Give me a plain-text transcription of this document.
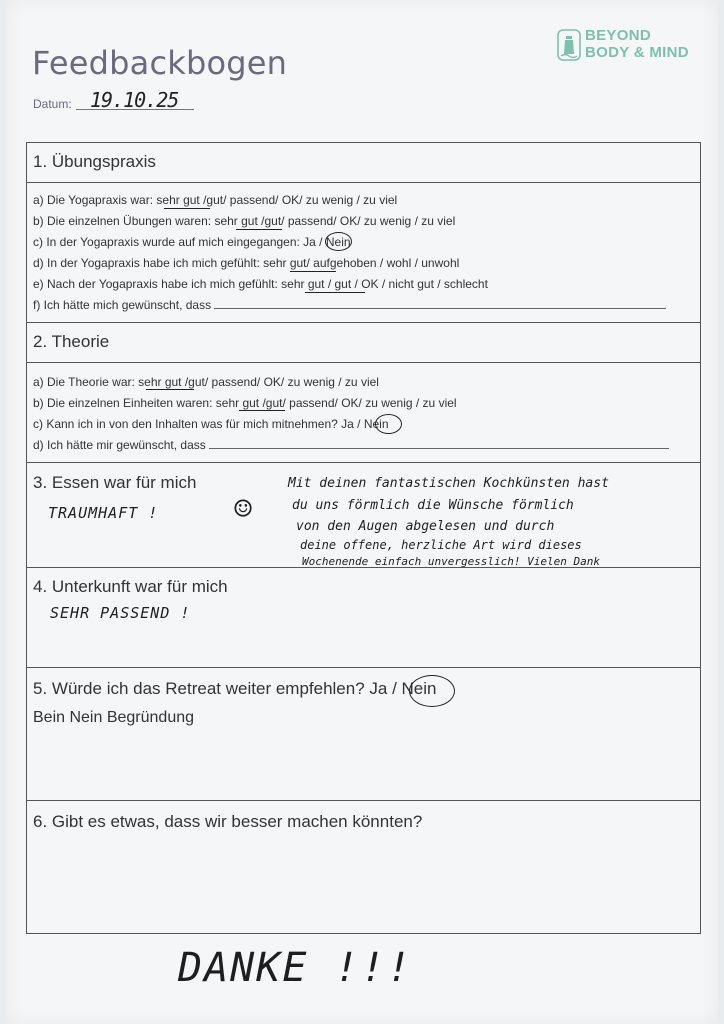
Feedbackbogen
Datum: 19.10.25
BEYOND
BODY & MIND
1. Übungspraxis
a) Die Yogapraxis war: sehr gut /gut/ passend/ OK/ zu wenig / zu viel
b) Die einzelnen Übungen waren: sehr gut /gut/ passend/ OK/ zu wenig / zu viel
c) In der Yogapraxis wurde auf mich eingegangen: Ja / Nein
d) In der Yogapraxis habe ich mich gefühlt: sehr gut/ aufgehoben / wohl / unwohl
e) Nach der Yogapraxis habe ich mich gefühlt: sehr gut / gut / OK / nicht gut / schlecht
f) Ich hätte mich gewünscht, dass
2. Theorie
a) Die Theorie war: sehr gut /gut/ passend/ OK/ zu wenig / zu viel
b) Die einzelnen Einheiten waren: sehr gut /gut/ passend/ OK/ zu wenig / zu viel
c) Kann ich in von den Inhalten was für mich mitnehmen? Ja / Nein
d) Ich hätte mir gewünscht, dass
3. Essen war für mich
TRAUMHAFT !	☺
Mit deinen fantastischen Kochkünsten hast
du uns förmlich die Wünsche förmlich
von den Augen abgelesen und durch
deine offene, herzliche Art wird dieses
Wochenende einfach unvergesslich! Vielen Dank
4. Unterkunft war für mich
SEHR PASSEND !
5. Würde ich das Retreat weiter empfehlen? Ja / Nein
Bein Nein Begründung
6. Gibt es etwas, dass wir besser machen könnten?
DANKE !!!
